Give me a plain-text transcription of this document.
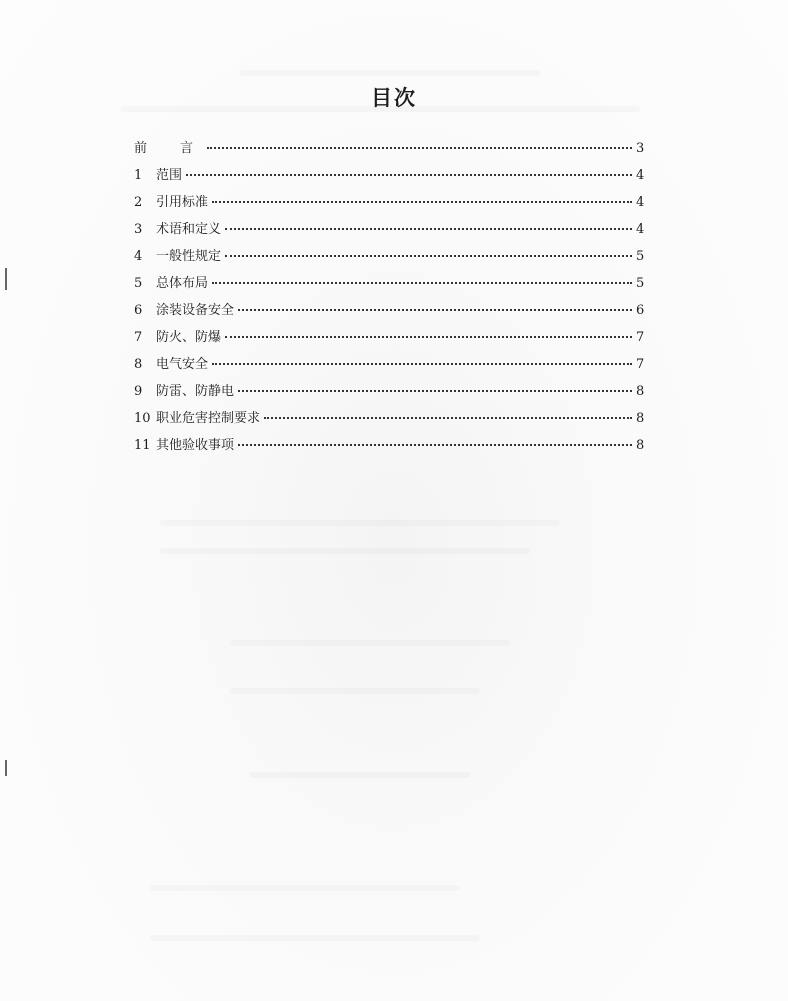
目次
前　言	3
1	范围	4
2	引用标准	4
3	术语和定义	4
4	一般性规定	5
5	总体布局	5
6	涂装设备安全	6
7	防火、防爆	7
8	电气安全	7
9	防雷、防静电	8
10 职业危害控制要求	8
11 其他验收事项	8
